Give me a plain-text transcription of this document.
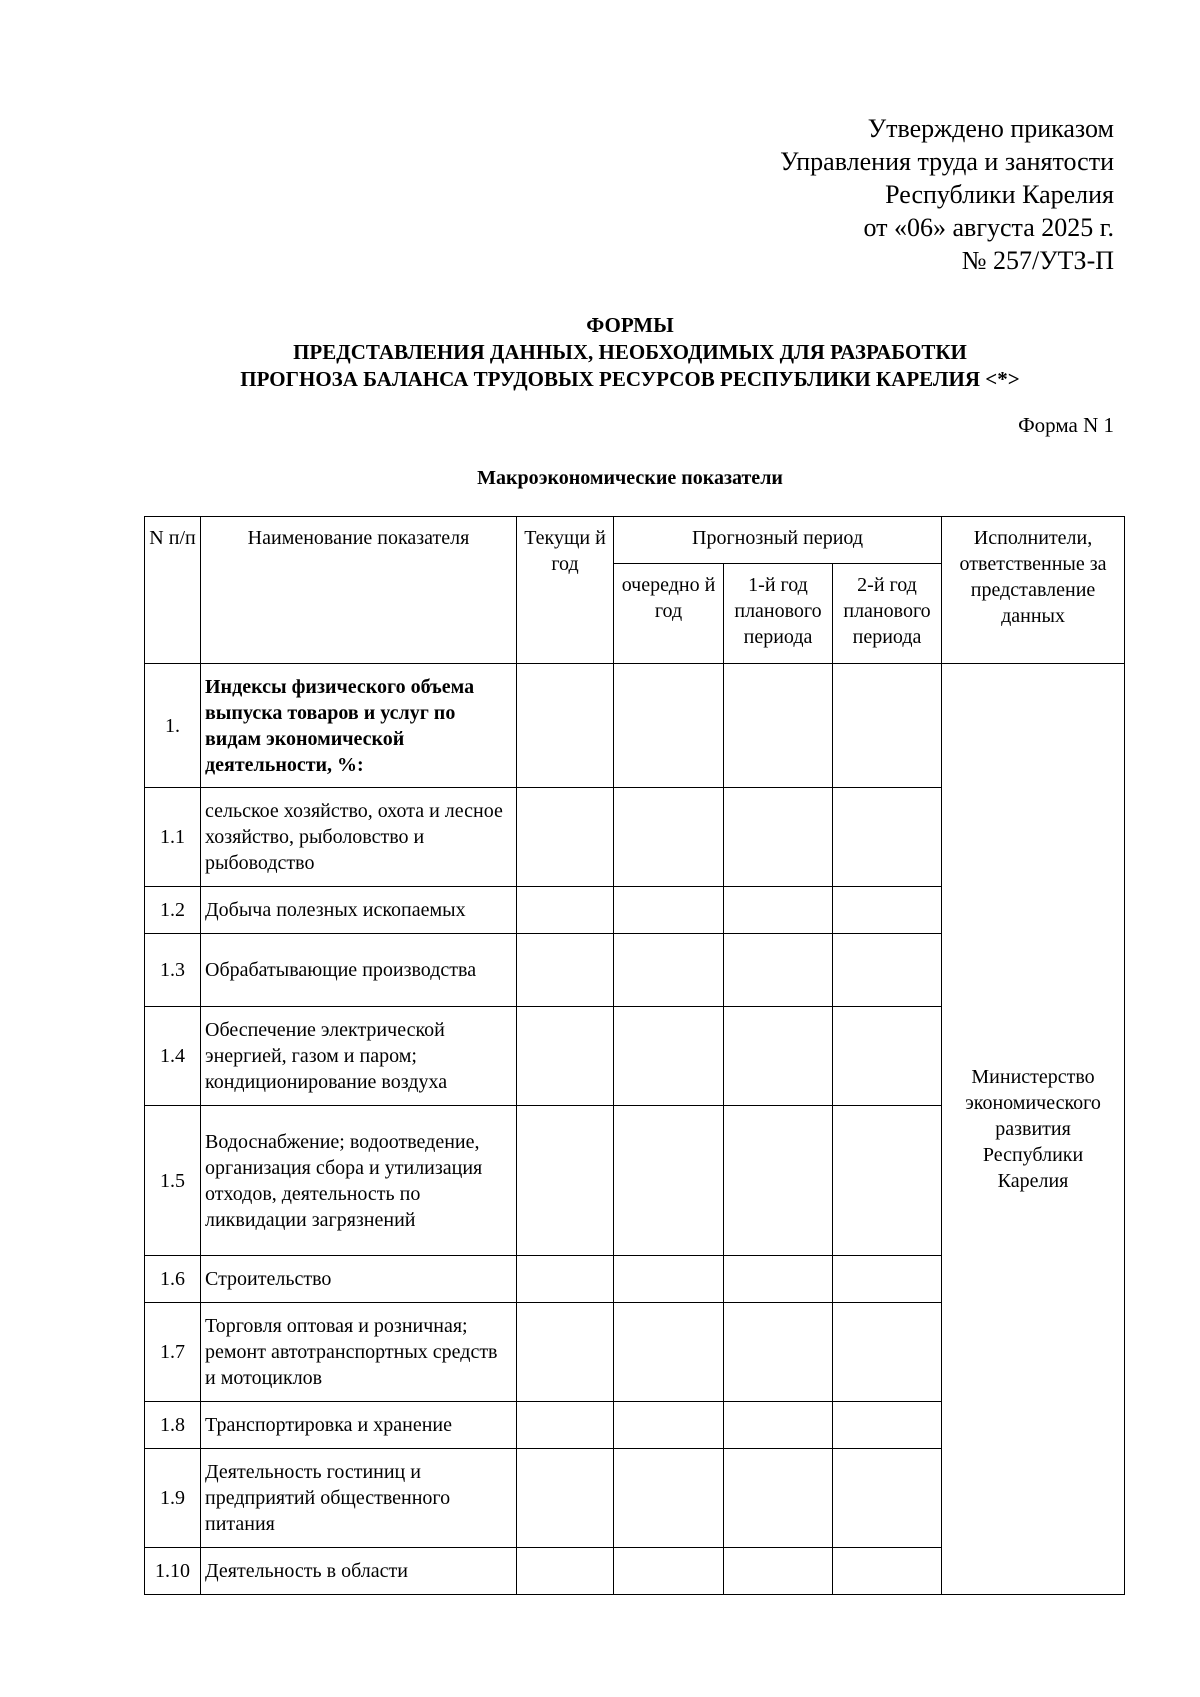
Утверждено приказом
Управления труда и занятости
Республики Карелия
от «06» августа 2025 г.
№ 257/УТЗ-П
ФОРМЫ
ПРЕДСТАВЛЕНИЯ ДАННЫХ, НЕОБХОДИМЫХ ДЛЯ РАЗРАБОТКИ
ПРОГНОЗА БАЛАНСА ТРУДОВЫХ РЕСУРСОВ РЕСПУБЛИКИ КАРЕЛИЯ <*>
Форма N 1
Макроэкономические показатели
N п/п	Наименование показателя	Текущи й год	Прогнозный период			Исполнители, ответственные за представление данных
			очередно й год	1-й год планового периода	2-й год планового периода	
1.	Индексы физического объема выпуска товаров и услуг по видам экономической деятельности, %:					Министерство экономического развития Республики Карелия
1.1	сельское хозяйство, охота и лесное хозяйство, рыболовство и рыбоводство					
1.2	Добыча полезных ископаемых					
1.3	Обрабатывающие производства					
1.4	Обеспечение электрической энергией, газом и паром; кондиционирование воздуха					
1.5	Водоснабжение; водоотведение, организация сбора и утилизация отходов, деятельность по ликвидации загрязнений					
1.6	Строительство					
1.7	Торговля оптовая и розничная; ремонт автотранспортных средств и мотоциклов					
1.8	Транспортировка и хранение					
1.9	Деятельность гостиниц и предприятий общественного питания					
1.10	Деятельность в области					
